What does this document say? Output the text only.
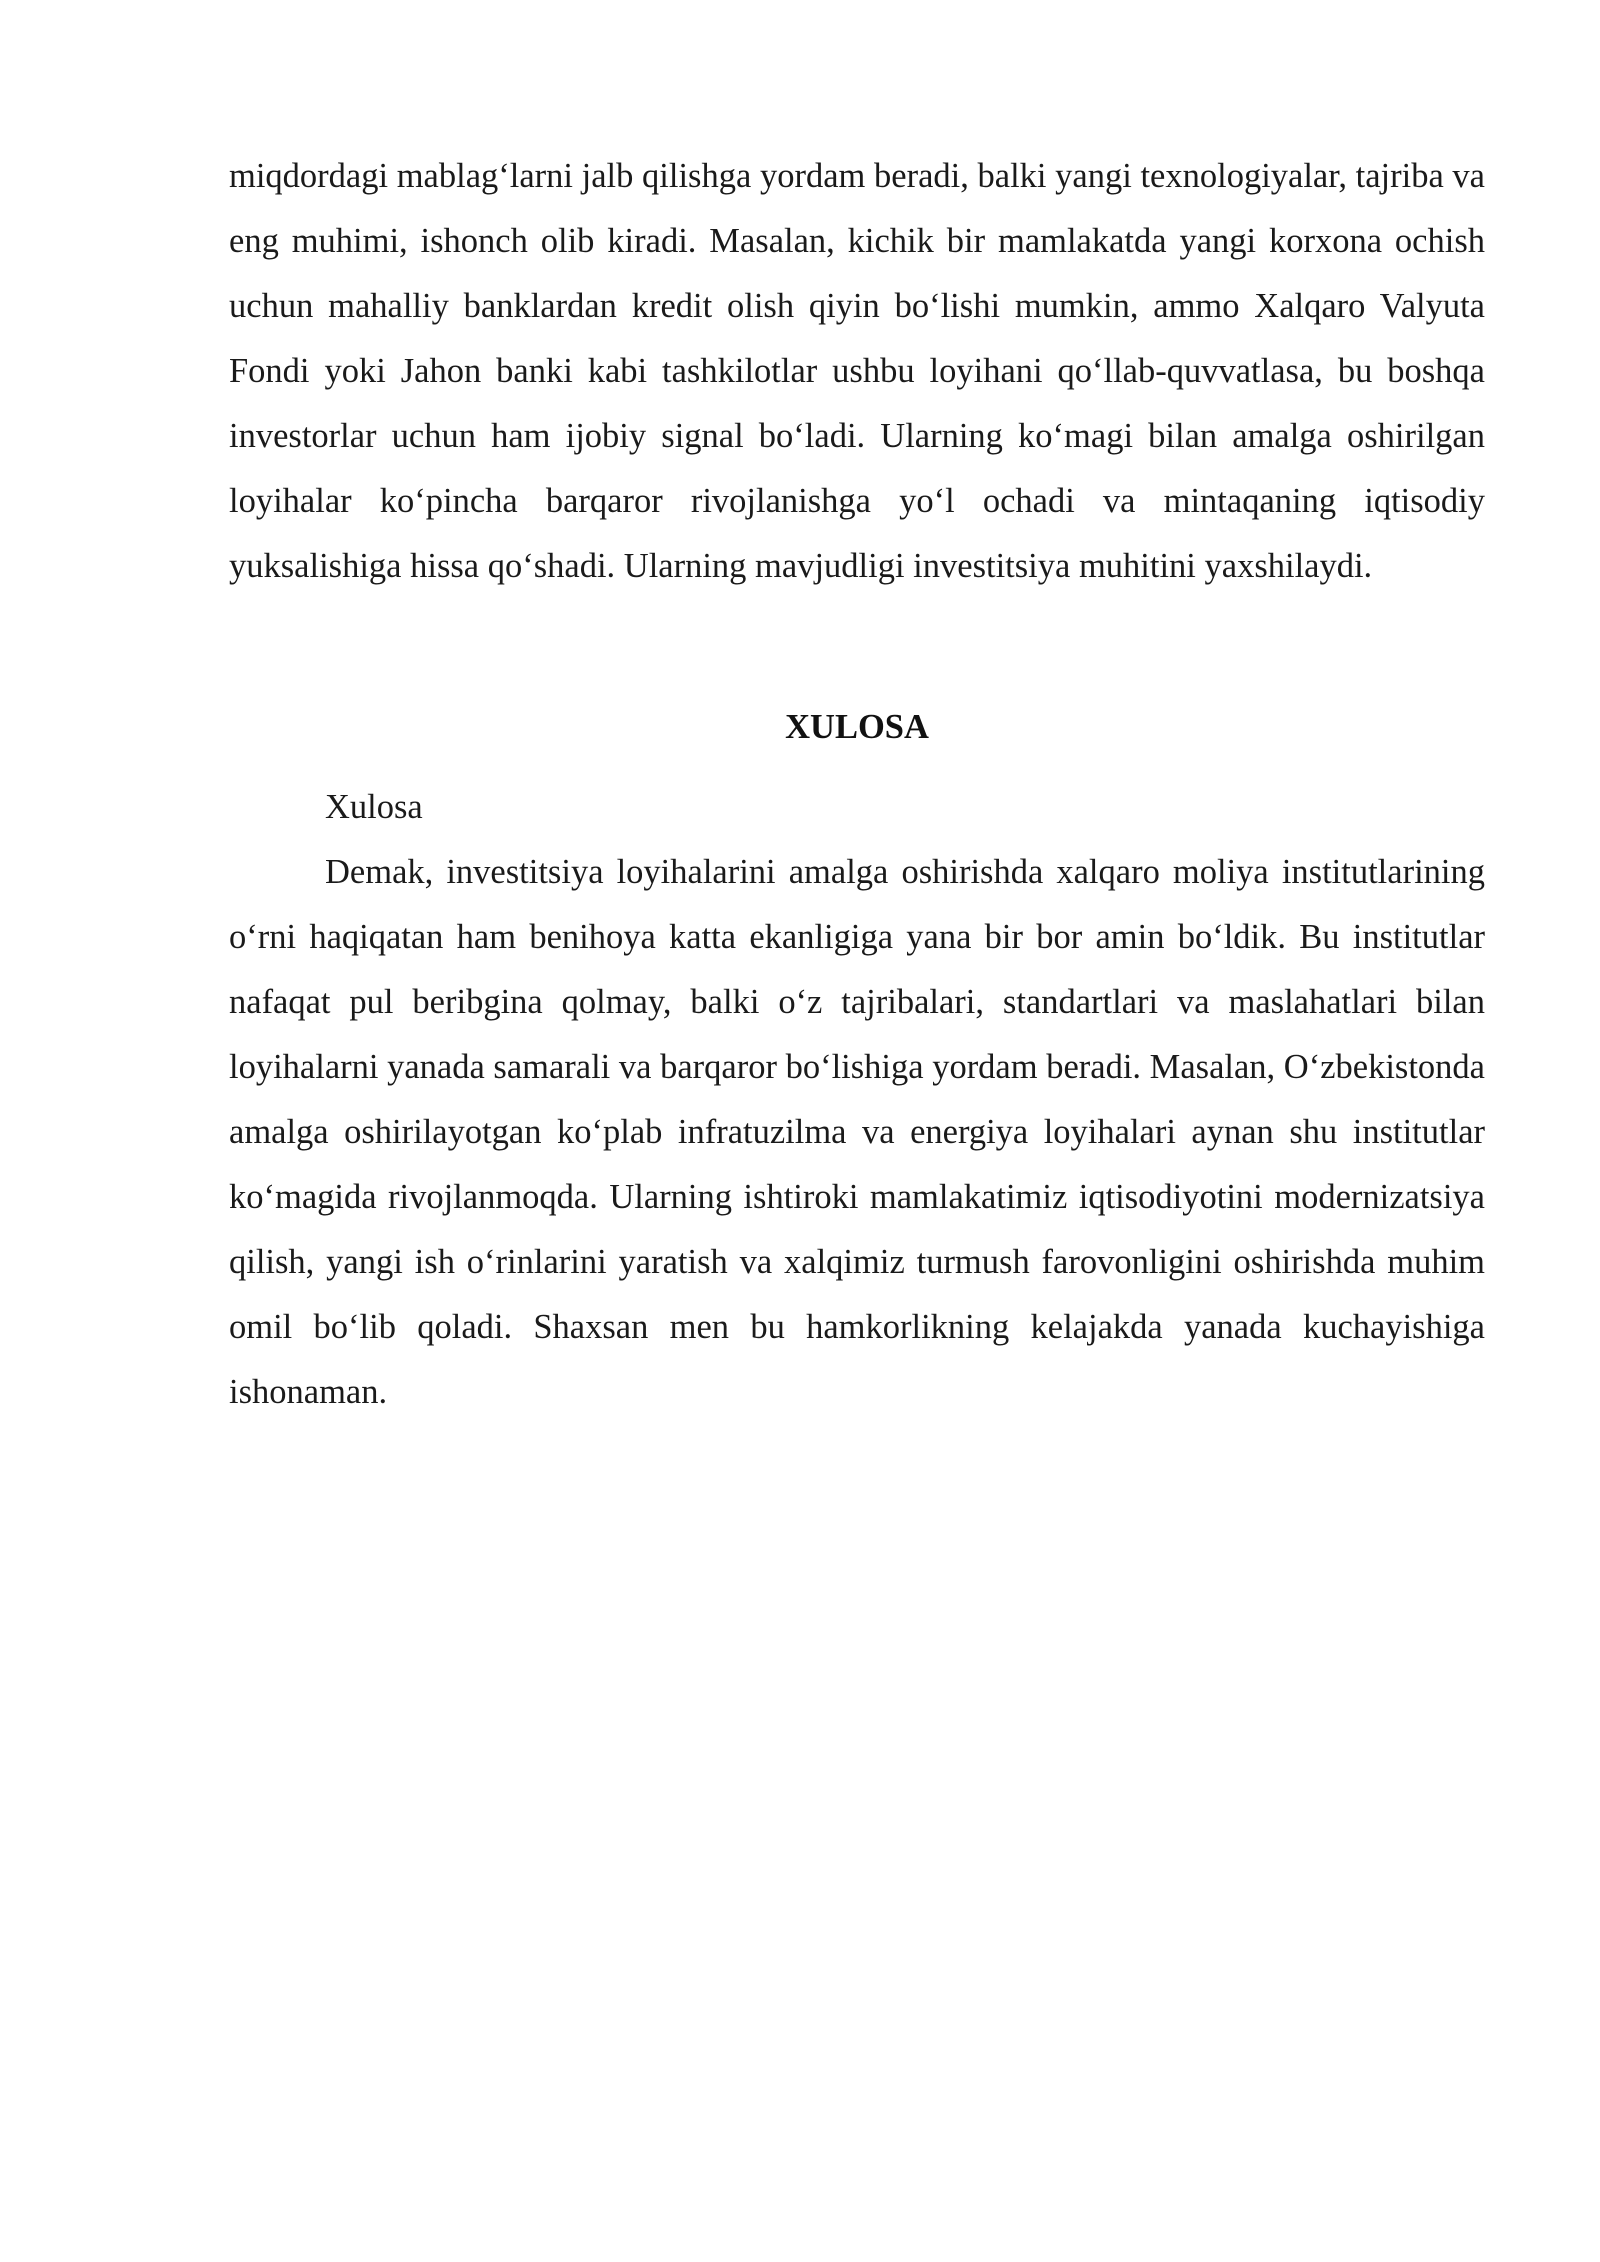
miqdordagi mablag‘larni jalb qilishga yordam beradi, balki yangi texnologiyalar, tajriba va eng muhimi, ishonch olib kiradi. Masalan, kichik bir mamlakatda yangi korxona ochish uchun mahalliy banklardan kredit olish qiyin bo‘lishi mumkin, ammo Xalqaro Valyuta Fondi yoki Jahon banki kabi tashkilotlar ushbu loyihani qo‘llab-quvvatlasa, bu boshqa investorlar uchun ham ijobiy signal bo‘ladi. Ularning ko‘magi bilan amalga oshirilgan loyihalar ko‘pincha barqaror rivojlanishga yo‘l ochadi va mintaqaning iqtisodiy yuksalishiga hissa qo‘shadi. Ularning mavjudligi investitsiya muhitini yaxshilaydi.

XULOSA

Xulosa

Demak, investitsiya loyihalarini amalga oshirishda xalqaro moliya institutlarining o‘rni haqiqatan ham benihoya katta ekanligiga yana bir bor amin bo‘ldik. Bu institutlar nafaqat pul beribgina qolmay, balki o‘z tajribalari, standartlari va maslahatlari bilan loyihalarni yanada samarali va barqaror bo‘lishiga yordam beradi. Masalan, O‘zbekistonda amalga oshirilayotgan ko‘plab infratuzilma va energiya loyihalari aynan shu institutlar ko‘magida rivojlanmoqda. Ularning ishtiroki mamlakatimiz iqtisodiyotini modernizatsiya qilish, yangi ish o‘rinlarini yaratish va xalqimiz turmush farovonligini oshirishda muhim omil bo‘lib qoladi. Shaxsan men bu hamkorlikning kelajakda yanada kuchayishiga ishonaman.
